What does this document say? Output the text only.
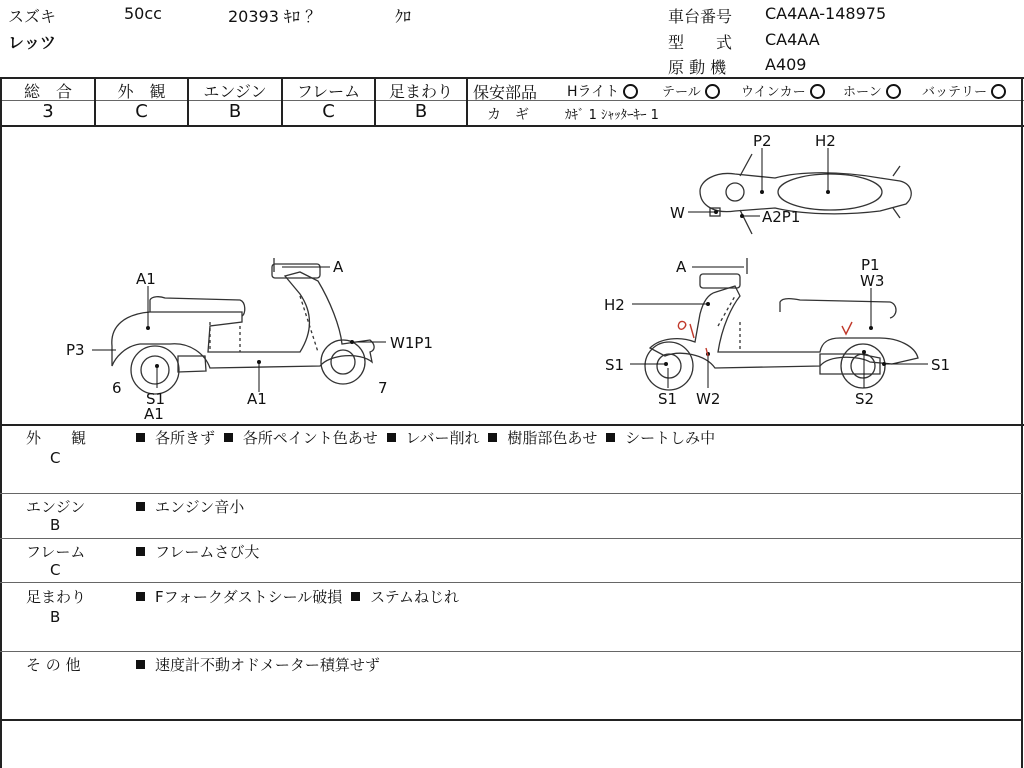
スズキ	50cc	20393 ｷﾛ ？	ｸﾛ
レッツ
車台番号 CA4AA-148975
型　　式 CA4AA
原 動 機 A409
総　合
3
外　観
C
エンジン
B
フレーム
C
足まわり
B
保安部品 Hライト	テール	ウインカー	ホーン	バッテリー
カ　ギ	ｶｷﾞ 1 ｼｬｯﾀｰｷｰ 1
A1
A
P3	W1P1
6
S1
A1
A1
7
P2	H2
W	A2P1
A	P1
W3
H2
S1	S1
S1 W2	S2
外　　観
C
各所きず 各所ペイント色あせ レバー削れ 樹脂部色あせ シートしみ中
エンジン
B
エンジン音小
フレーム
C
フレームさび大
足まわり
B
Fフォークダストシール破損 ステムねじれ
そ の 他	速度計不動オドメーター積算せず
